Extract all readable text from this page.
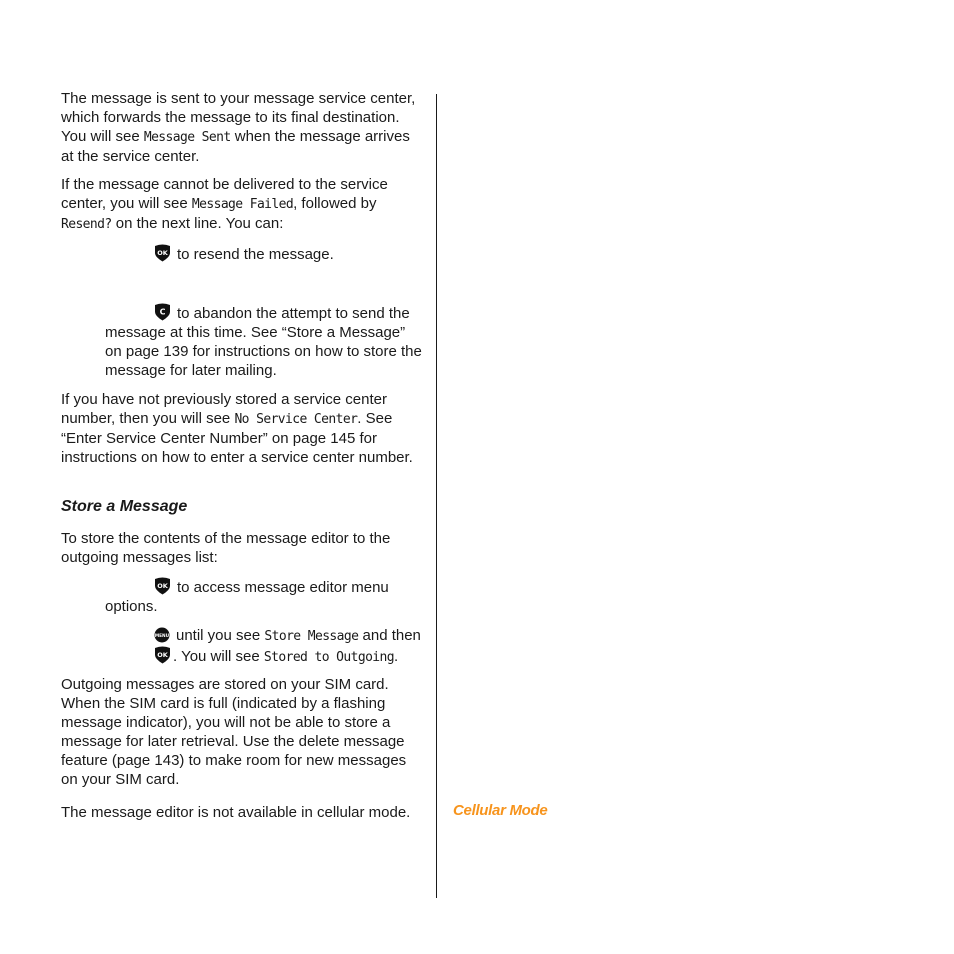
The message is sent to your message service center, which forwards the message to its final destination. You will see Message Sent when the message arrives at the service center.

If the message cannot be delivered to the service center, you will see Message Failed, followed by Resend? on the next line. You can:

OK to resend the message.

C to abandon the attempt to send the message at this time. See “Store a Message” on page 139 for instructions on how to store the message for later mailing.

If you have not previously stored a service center number, then you will see No Service Center. See “Enter Service Center Number” on page 145 for instructions on how to enter a service center number.

Store a Message

To store the contents of the message editor to the outgoing messages list:

OK to access message editor menu options.

MENU until you see Store Message and then

OK . You will see Stored to Outgoing.

Outgoing messages are stored on your SIM card. When the SIM card is full (indicated by a flashing message indicator), you will not be able to store a message for later retrieval. Use the delete message feature (page 143) to make room for new messages on your SIM card.

The message editor is not available in cellular mode.	Cellular Mode
